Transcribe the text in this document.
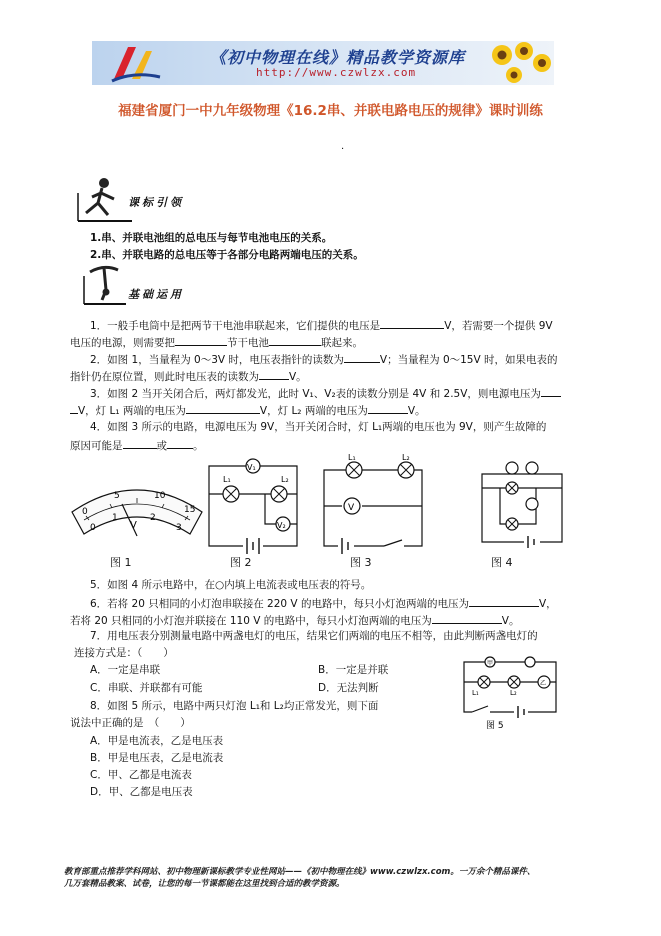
《初中物理在线》精品教学资源库
http://www.czwlzx.com
福建省厦门一中九年级物理《16.2串、并联电路电压的规律》课时训练
.
课标引领
1.串、并联电池组的总电压与每节电池电压的关系。
2.串、并联电路的总电压等于各部分电路两端电压的关系。
基础运用
1．一般手电筒中是把两节干电池串联起来，它们提供的电压是	V，若需要一个提供 9V
电压的电源，则需要把	节干电池	联起来。
2．如图 1，当量程为 0～3V 时，电压表指针的读数为	V；当量程为 0～15V 时，如果电表的
指针仍在原位置，则此时电压表的读数为	V。
3．如图 2 当开关闭合后，两灯都发光，此时 V₁、V₂表的读数分别是 4V 和 2.5V，则电源电压为
V，灯 L₁ 两端的电压为	V，灯 L₂ 两端的电压为	V。
4．如图 3 所示的电路，电源电压为 9V，当开关闭合时，灯 L₁两端的电压也为 9V，则产生故障的
原因可能是	或 。
0
5	10
15
0
1	2
3
V
图 1
V₁
V₂
L₁	L₂
图 2
V
L₁	L₂
图 3	图 4
5．如图 4 所示电路中，在○内填上电流表或电压表的符号。
6．若将 20 只相同的小灯泡串联接在 220 V 的电路中，每只小灯泡两端的电压为	V，
若将 20 只相同的小灯泡并联接在 110 V 的电路中，每只小灯泡两端的电压为	V。
7．用电压表分别测量电路中两盏电灯的电压，结果它们两端的电压不相等，由此判断两盏电灯的
连接方式是：（　　）
A．一定是串联	B．一定是并联
C．串联、并联都有可能	D．无法判断
甲
乙
L₁	L₂
图 5
8．如图 5 所示，电路中两只灯泡 L₁和 L₂均正常发光，则下面
说法中正确的是　（　　）
A．甲是电流表，乙是电压表
B．甲是电压表，乙是电流表
C．甲、乙都是电流表
D．甲、乙都是电压表
教育部重点推荐学科网站、初中物理新课标教学专业性网站——《初中物理在线》www.czwlzx.com。一万余个精品课件、
几万套精品教案、试卷，让您的每一节课都能在这里找到合适的教学资源。
